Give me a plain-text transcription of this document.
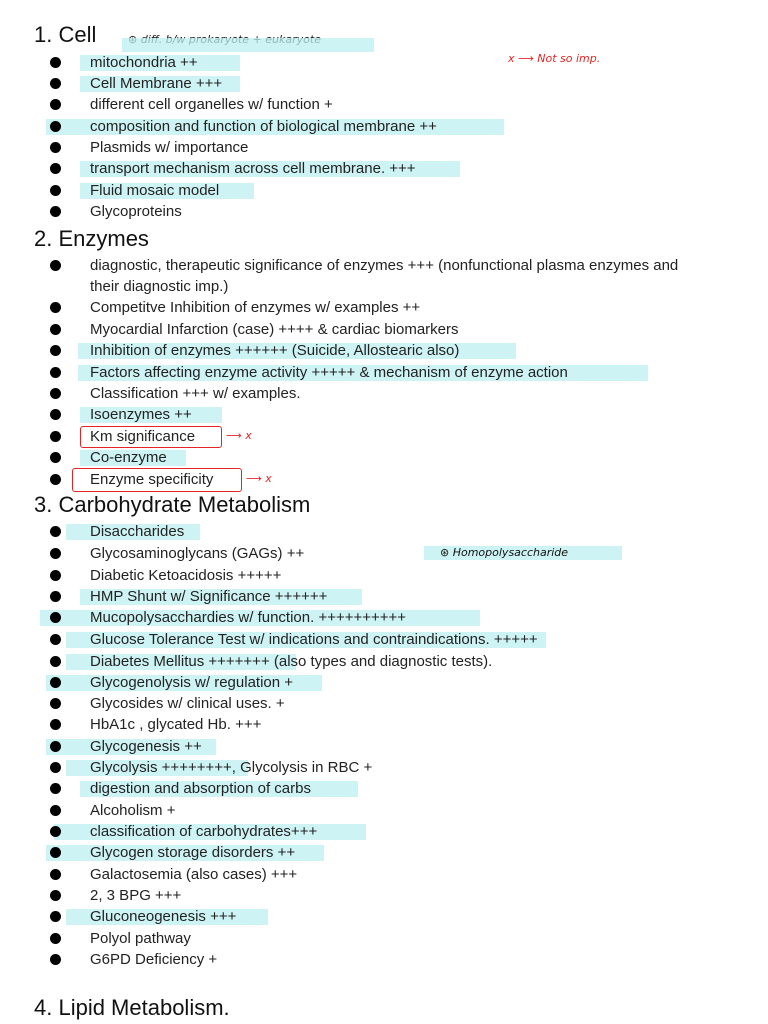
1. Cell
x ⟶ Not so imp.
mitochondria ++
Cell Membrane +++
different cell organelles w/ function +
composition and function of biological membrane ++
Plasmids w/ importance
transport mechanism across cell membrane. +++
Fluid mosaic model
Glycoproteins
2. Enzymes
diagnostic, therapeutic significance of enzymes +++ (nonfunctional plasma enzymes and their diagnostic imp.)
Competitve Inhibition of enzymes w/ examples ++
Myocardial Infarction (case) ++++ & cardiac biomarkers
Inhibition of enzymes ++++++ (Suicide, Allostearic also)
Factors affecting enzyme activity +++++ & mechanism of enzyme action
Classification +++ w/ examples.
Isoenzymes ++
Km significance	⟶ x
Co-enzyme
Enzyme specificity	⟶ x
3. Carbohydrate Metabolism
Disaccharides
Glycosaminoglycans (GAGs) ++	⊛ Homopolysaccharide
Diabetic Ketoacidosis +++++
HMP Shunt w/ Significance ++++++
Mucopolysacchardies w/ function. ++++++++++
Glucose Tolerance Test w/ indications and contraindications. +++++
Diabetes Mellitus +++++++ (also types and diagnostic tests).
Glycogenolysis w/ regulation +
Glycosides w/ clinical uses. +
HbA1c , glycated Hb. +++
Glycogenesis ++
Glycolysis ++++++++, Glycolysis in RBC +
digestion and absorption of carbs
Alcoholism +
classification of carbohydrates+++
Glycogen storage disorders ++
Galactosemia (also cases) +++
2, 3 BPG +++
Gluconeogenesis +++
Polyol pathway
G6PD Deficiency +
4. Lipid Metabolism.
